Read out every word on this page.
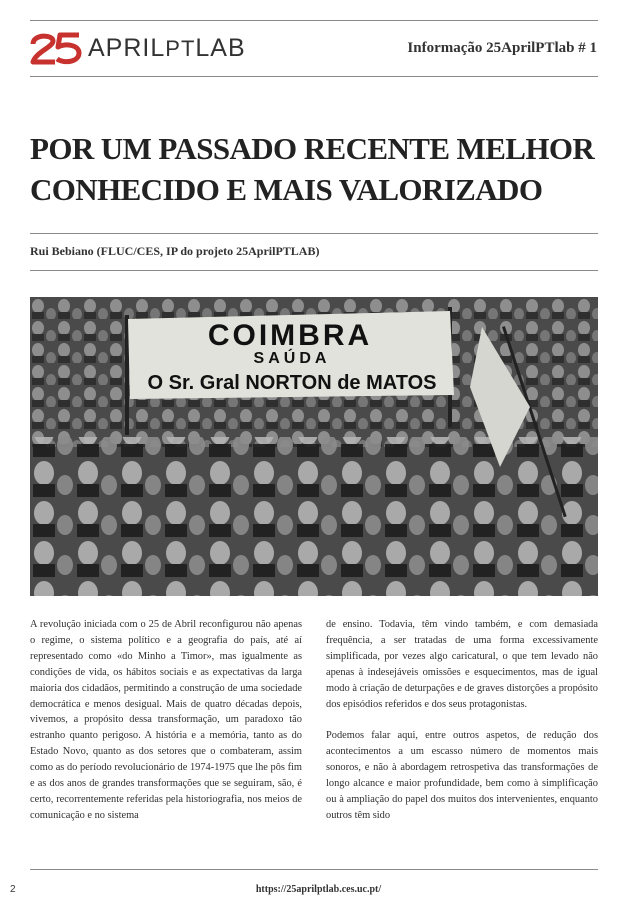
APRILPTLAB	Informação 25AprilPTlab # 1
POR UM PASSADO RECENTE MELHOR
CONHECIDO E MAIS VALORIZADO
Rui Bebiano (FLUC/CES, IP do projeto 25AprilPTLAB)
COIMBRA
SAÚDA
O Sr. Gral NORTON de MATOS

A revolução iniciada com o 25 de Abril reconfigurou não apenas o regime, o sistema político e a geografia do país, até aí representado como «do Minho a Timor», mas igualmente as condições de vida, os hábitos sociais e as expectativas da larga maioria dos cidadãos, permitindo a construção de uma sociedade democrática e menos desigual. Mais de quatro décadas depois, vivemos, a propósito dessa transformação, um paradoxo tão estranho quanto perigoso. A história e a memória, tanto as do Estado Novo, quanto as dos setores que o combateram, assim como as do período revolucionário de 1974-1975 que lhe pôs fim e as dos anos de grandes transformações que se seguiram, são, é certo, recorrentemente referidas pela historiografia, nos meios de comunicação e no sistema

de ensino. Todavia, têm vindo também, e com demasiada frequência, a ser tratadas de uma forma excessivamente simplificada, por vezes algo caricatural, o que tem levado não apenas à indesejáveis omissões e esquecimentos, mas de igual modo à criação de deturpações e de graves distorções a propósito dos episódios referidos e dos seus protagonistas.

Podemos falar aqui, entre outros aspetos, de redução dos acontecimentos a um escasso número de momentos mais sonoros, e não à abordagem retrospetiva das transformações de longo alcance e maior profundidade, bem como à simplificação ou à ampliação do papel dos muitos dos intervenientes, enquanto outros têm sido

2	https://25aprilptlab.ces.uc.pt/
